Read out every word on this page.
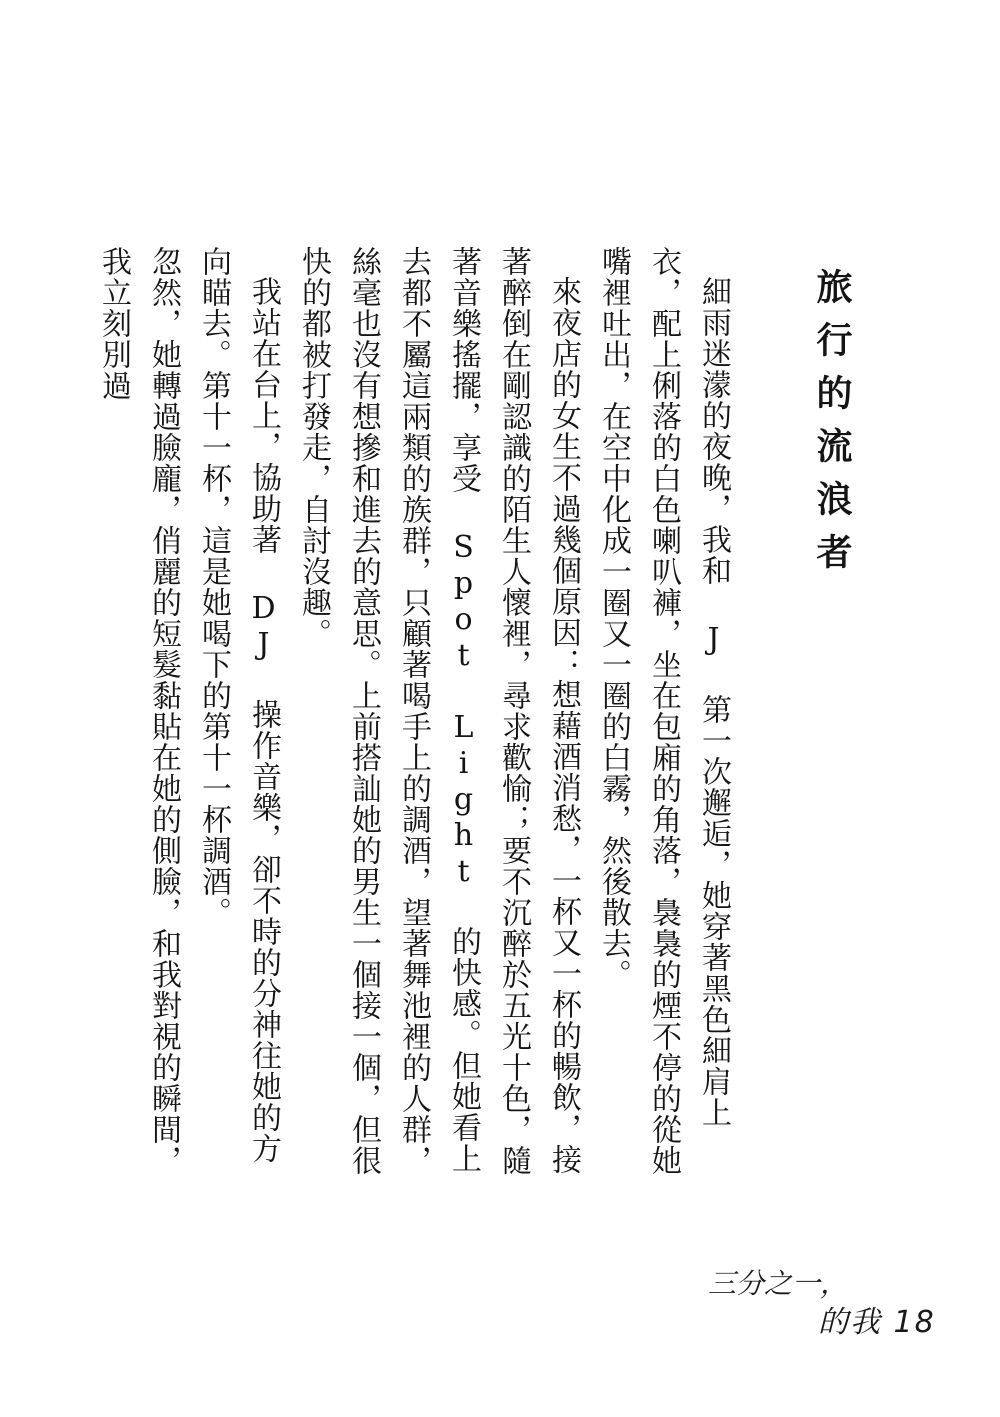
旅行的流浪者

細雨迷濛的夜晚，我和 J 第一次邂逅，她穿著黑色細肩上衣，配上俐落的白色喇叭褲，坐在包廂的角落，裊裊的煙不停的從她嘴裡吐出，在空中化成一圈又一圈的白霧，然後散去。

來夜店的女生不過幾個原因：想藉酒消愁，一杯又一杯的暢飲，接著醉倒在剛認識的陌生人懷裡，尋求歡愉；要不沉醉於五光十色，隨著音樂搖擺，享受 Spot Light 的快感。但她看上去都不屬這兩類的族群，只顧著喝手上的調酒，望著舞池裡的人群，絲毫也沒有想摻和進去的意思。上前搭訕她的男生一個接一個，但很快的都被打發走，自討沒趣。

我站在台上，協助著 DJ 操作音樂，卻不時的分神往她的方向瞄去。第十一杯，這是她喝下的第十一杯調酒。

忽然，她轉過臉龐，俏麗的短髮黏貼在她的側臉，和我對視的瞬間，我立刻別過

三分之一，
的我 18
